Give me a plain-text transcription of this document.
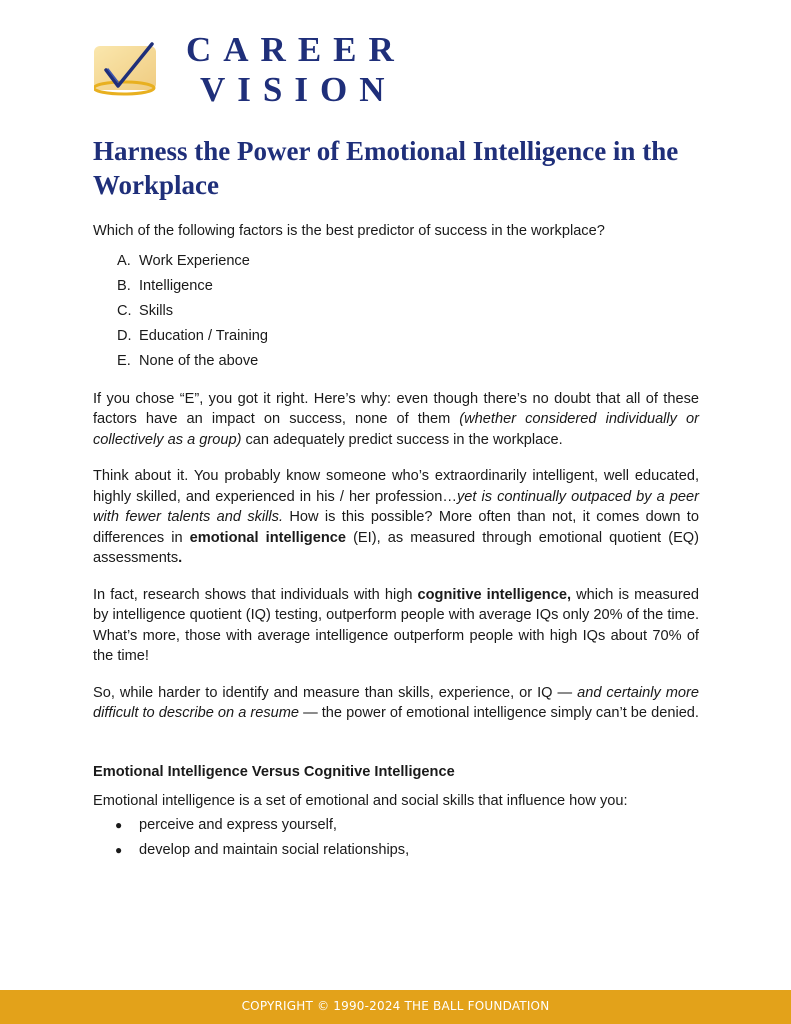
CAREER
VISION
Harness the Power of Emotional Intelligence in the Workplace

Which of the following factors is the best predictor of success in the workplace?

A. Work Experience
B. Intelligence
C. Skills
D. Education / Training
E. None of the above

If you chose “E”, you got it right. Here’s why: even though there’s no doubt that all of these factors have an impact on success, none of them (whether considered individually or collectively as a group) can adequately predict success in the workplace.

Think about it. You probably know someone who’s extraordinarily intelligent, well educated, highly skilled, and experienced in his / her profession…yet is continually outpaced by a peer with fewer talents and skills. How is this possible? More often than not, it comes down to differences in emotional intelligence (EI), as measured through emotional quotient (EQ) assessments.

In fact, research shows that individuals with high cognitive intelligence, which is measured by intelligence quotient (IQ) testing, outperform people with average IQs only 20% of the time. What’s more, those with average intelligence outperform people with high IQs about 70% of the time!

So, while harder to identify and measure than skills, experience, or IQ — and certainly more difficult to describe on a resume — the power of emotional intelligence simply can’t be denied.

Emotional Intelligence Versus Cognitive Intelligence

Emotional intelligence is a set of emotional and social skills that influence how you:

●	perceive and express yourself,
●	develop and maintain social relationships,
COPYRIGHT © 1990-2024 THE BALL FOUNDATION
